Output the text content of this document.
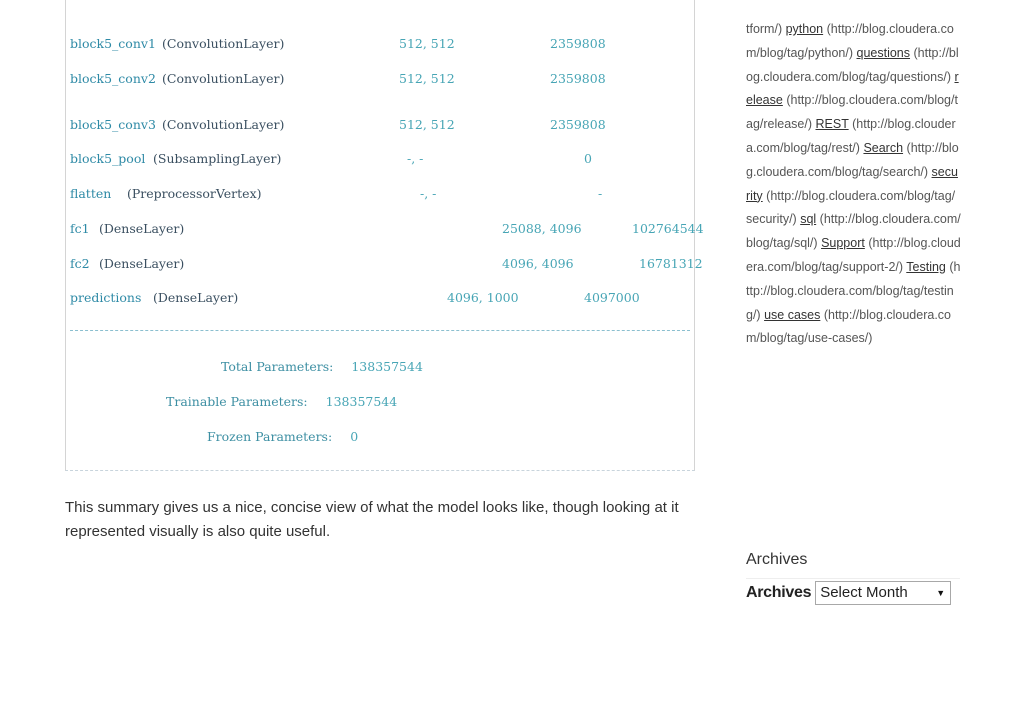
block5_conv1 (ConvolutionLayer)	512, 512	2359808
block5_conv2 (ConvolutionLayer)	512, 512	2359808
block5_conv3 (ConvolutionLayer)	512, 512	2359808
block5_pool (SubsamplingLayer)	-, -	0
flatten (PreprocessorVertex)	-, -	-
fc1 (DenseLayer)	25088, 4096	102764544
fc2 (DenseLayer)	4096, 4096	16781312
predictions (DenseLayer)	4096, 1000	4097000
Total Parameters: 138357544
Trainable Parameters: 138357544
Frozen Parameters: 0

This summary gives us a nice, concise view of what the model looks like, though looking at it represented visually is also quite useful.

tform/) python (http://blog.cloudera.com/blog/tag/python/) questions (http://blog.cloudera.com/blog/tag/questions/) release (http://blog.cloudera.com/blog/tag/release/) REST (http://blog.cloudera.com/blog/tag/rest/) Search (http://blog.cloudera.com/blog/tag/search/) security (http://blog.cloudera.com/blog/tag/security/) sql (http://blog.cloudera.com/blog/tag/sql/) Support (http://blog.cloudera.com/blog/tag/support-2/) Testing (http://blog.cloudera.com/blog/tag/testing/) use cases (http://blog.cloudera.com/blog/tag/use-cases/)
Archives
Archives Select Month	▼
